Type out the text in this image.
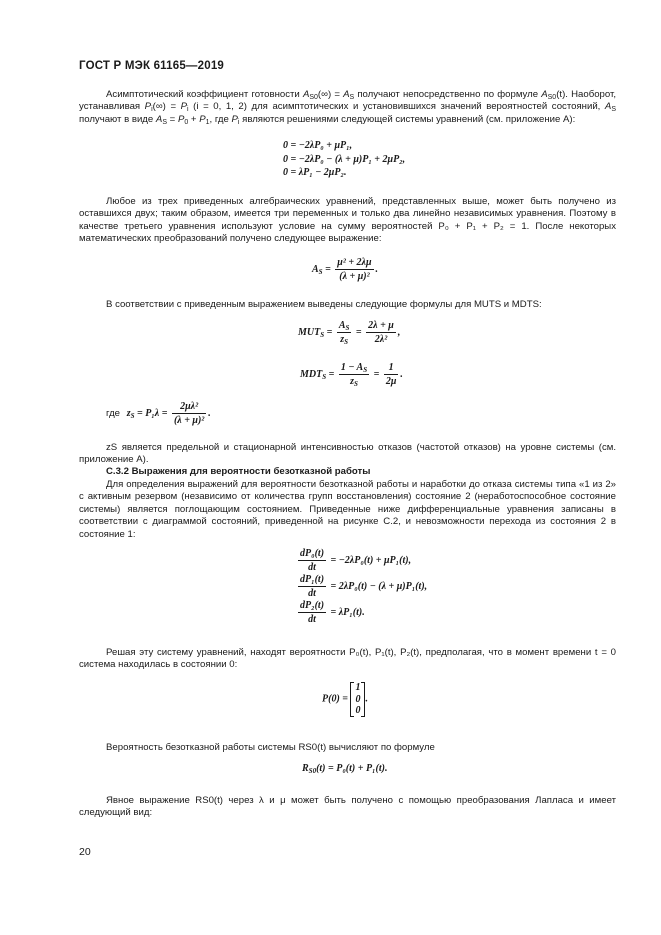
ГОСТ Р МЭК 61165—2019
Асимптотический коэффициент готовности $A_{S0}(\infty) = A_S$ получают непосредственно по формуле $A_{S0}(t)$. Наоборот, устанавливая $P_i(\infty) = P_i$ (i = 0, 1, 2) для асимптотических и установившихся значений вероятностей состояний, $A_S$ получают в виде $A_S = P_0 + P_1$, где $P_i$ являются решениями следующей системы уравнений (см. приложение А):
0 = −2λP₀ + μP₁,
0 = −2λP₀ − (λ + μ)P₁ + 2μP₂,
0 = λP₁ − 2μP₂.
Любое из трех приведенных алгебраических уравнений, представленных выше, может быть получено из оставшихся двух; таким образом, имеется три переменных и только два линейно независимых уравнения. Поэтому в качестве третьего уравнения используют условие на сумму вероятностей P₀ + P₁ + P₂ = 1. После некоторых математических преобразований получено следующее выражение:
$A_S = \frac{\text{μ² + 2λμ}}{\text{(λ + μ)²}}$ .
В соответствии с приведенным выражением выведены следующие формулы для MUTS и MDTS:
$MUT_S = \frac{A_S}{z_S} = \frac{2\lambda + \mu}{\text{2λ²}}$ ,
$MDT_S = \frac{1 - A_S}{z_S} = \frac{1}{2\mu}$ .
где $z_S = P_1\lambda = \frac{\text{2μλ²}}{\text{(λ + μ)²}}$ .
zS является предельной и стационарной интенсивностью отказов (частотой отказов) на уровне системы (см. приложение А).
С.3.2 Выражения для вероятности безотказной работы
Для определения выражений для вероятности безотказной работы и наработки до отказа системы типа «1 из 2» с активным резервом (независимо от количества групп восстановления) состояние 2 (неработоспособное состояние системы) является поглощающим состоянием. Приведенные ниже дифференциальные уравнения записаны в соответствии с диаграммой состояний, приведенной на рисунке С.2, и невозможности перехода из состояния 2 в состояние 1:
$\frac{\text{dP₀(t)}}{dt} = -2\lambda P_0(t) + \mu P_1(t)$,
$\frac{\text{dP₁(t)}}{dt} = 2\lambda P_0(t) - (\lambda + \mu)P_1(t)$,
$\frac{\text{dP₂(t)}}{dt} = \lambda P_1(t)$.
Решая эту систему уравнений, находят вероятности P₀(t), P₁(t), P₂(t), предполагая, что в момент времени t = 0 система находилась в состоянии 0:
P(0) =
1
0
0
.
Вероятность безотказной работы системы RS0(t) вычисляют по формуле
$R_{S0}(t) = P_0(t) + P_1(t)$.
Явное выражение RS0(t) через λ и μ может быть получено с помощью преобразования Лапласа и имеет следующий вид:
20
